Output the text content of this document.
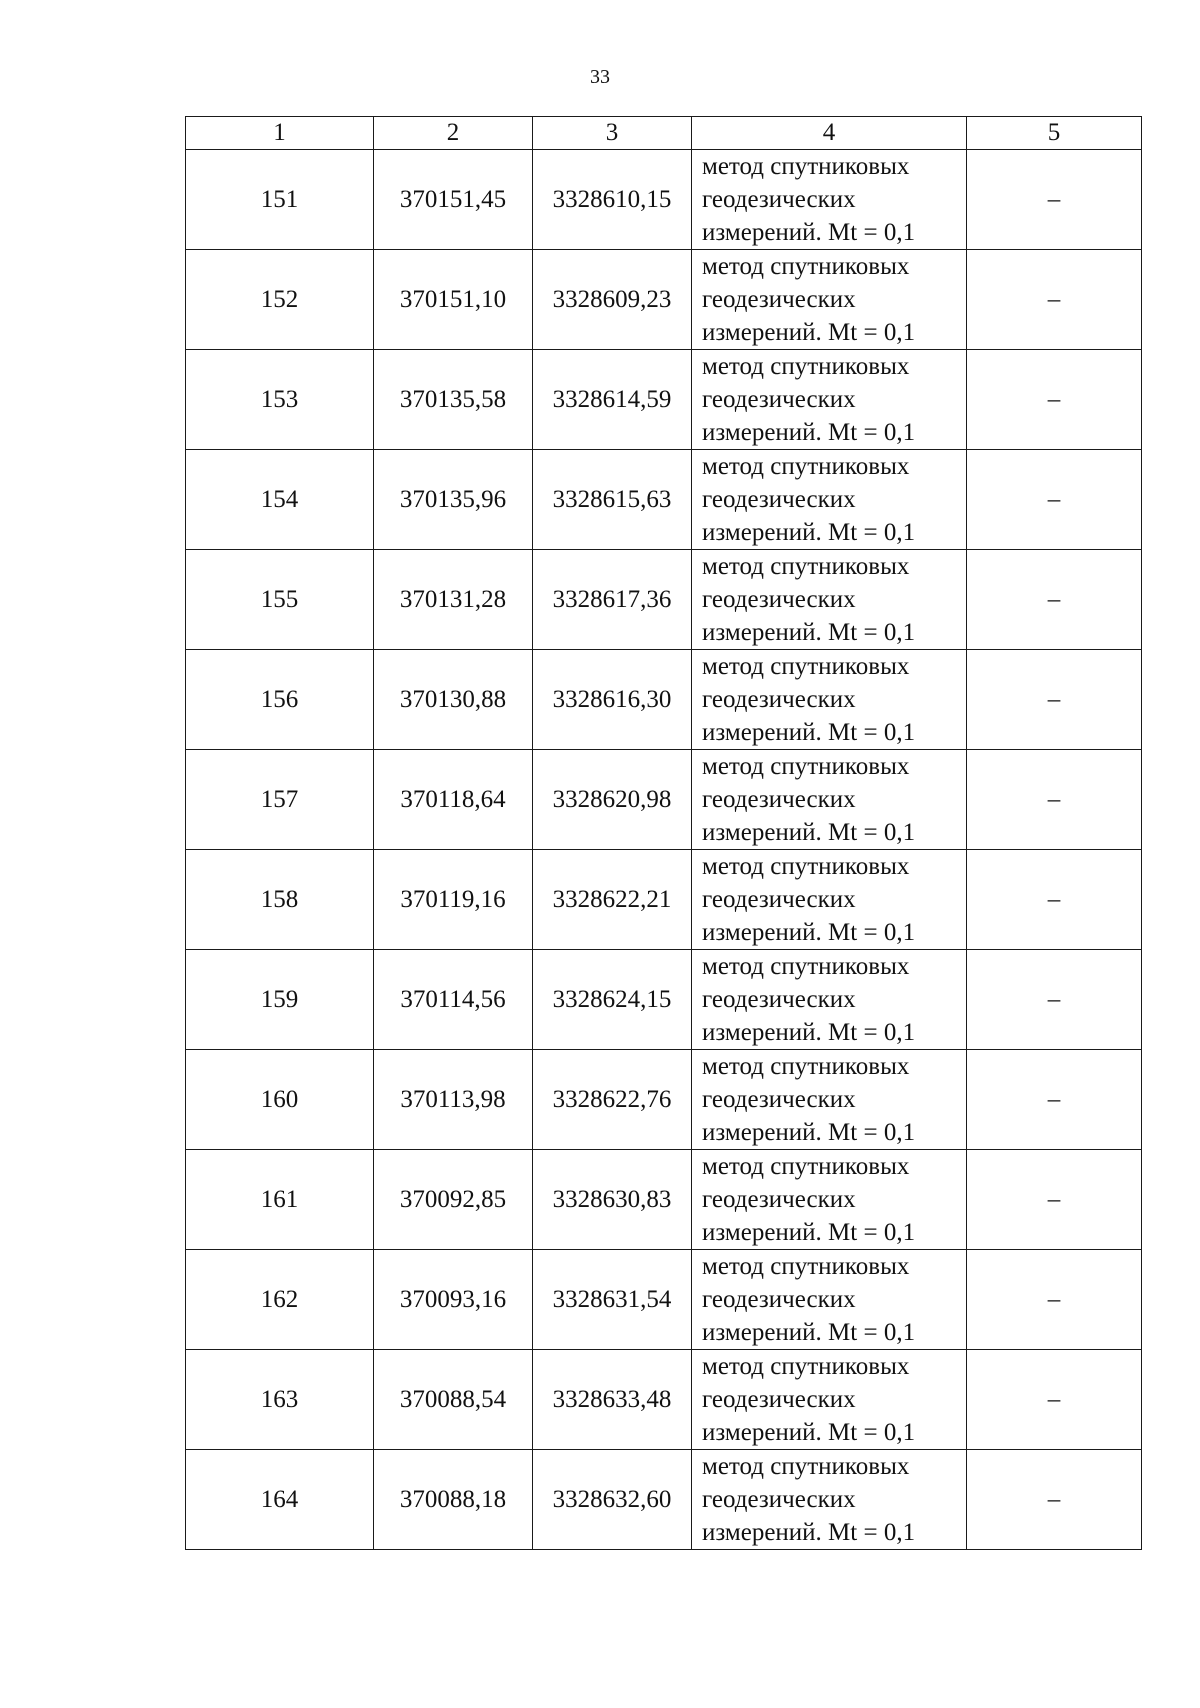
33
1	2	3	4	5
151	370151,45	3328610,15	метод спутниковых
геодезических
измерений. Mt = 0,1	–
152	370151,10	3328609,23	метод спутниковых
геодезических
измерений. Mt = 0,1	–
153	370135,58	3328614,59	метод спутниковых
геодезических
измерений. Mt = 0,1	–
154	370135,96	3328615,63	метод спутниковых
геодезических
измерений. Mt = 0,1	–
155	370131,28	3328617,36	метод спутниковых
геодезических
измерений. Mt = 0,1	–
156	370130,88	3328616,30	метод спутниковых
геодезических
измерений. Mt = 0,1	–
157	370118,64	3328620,98	метод спутниковых
геодезических
измерений. Mt = 0,1	–
158	370119,16	3328622,21	метод спутниковых
геодезических
измерений. Mt = 0,1	–
159	370114,56	3328624,15	метод спутниковых
геодезических
измерений. Mt = 0,1	–
160	370113,98	3328622,76	метод спутниковых
геодезических
измерений. Mt = 0,1	–
161	370092,85	3328630,83	метод спутниковых
геодезических
измерений. Mt = 0,1	–
162	370093,16	3328631,54	метод спутниковых
геодезических
измерений. Mt = 0,1	–
163	370088,54	3328633,48	метод спутниковых
геодезических
измерений. Mt = 0,1	–
164	370088,18	3328632,60	метод спутниковых
геодезических
измерений. Mt = 0,1	–
